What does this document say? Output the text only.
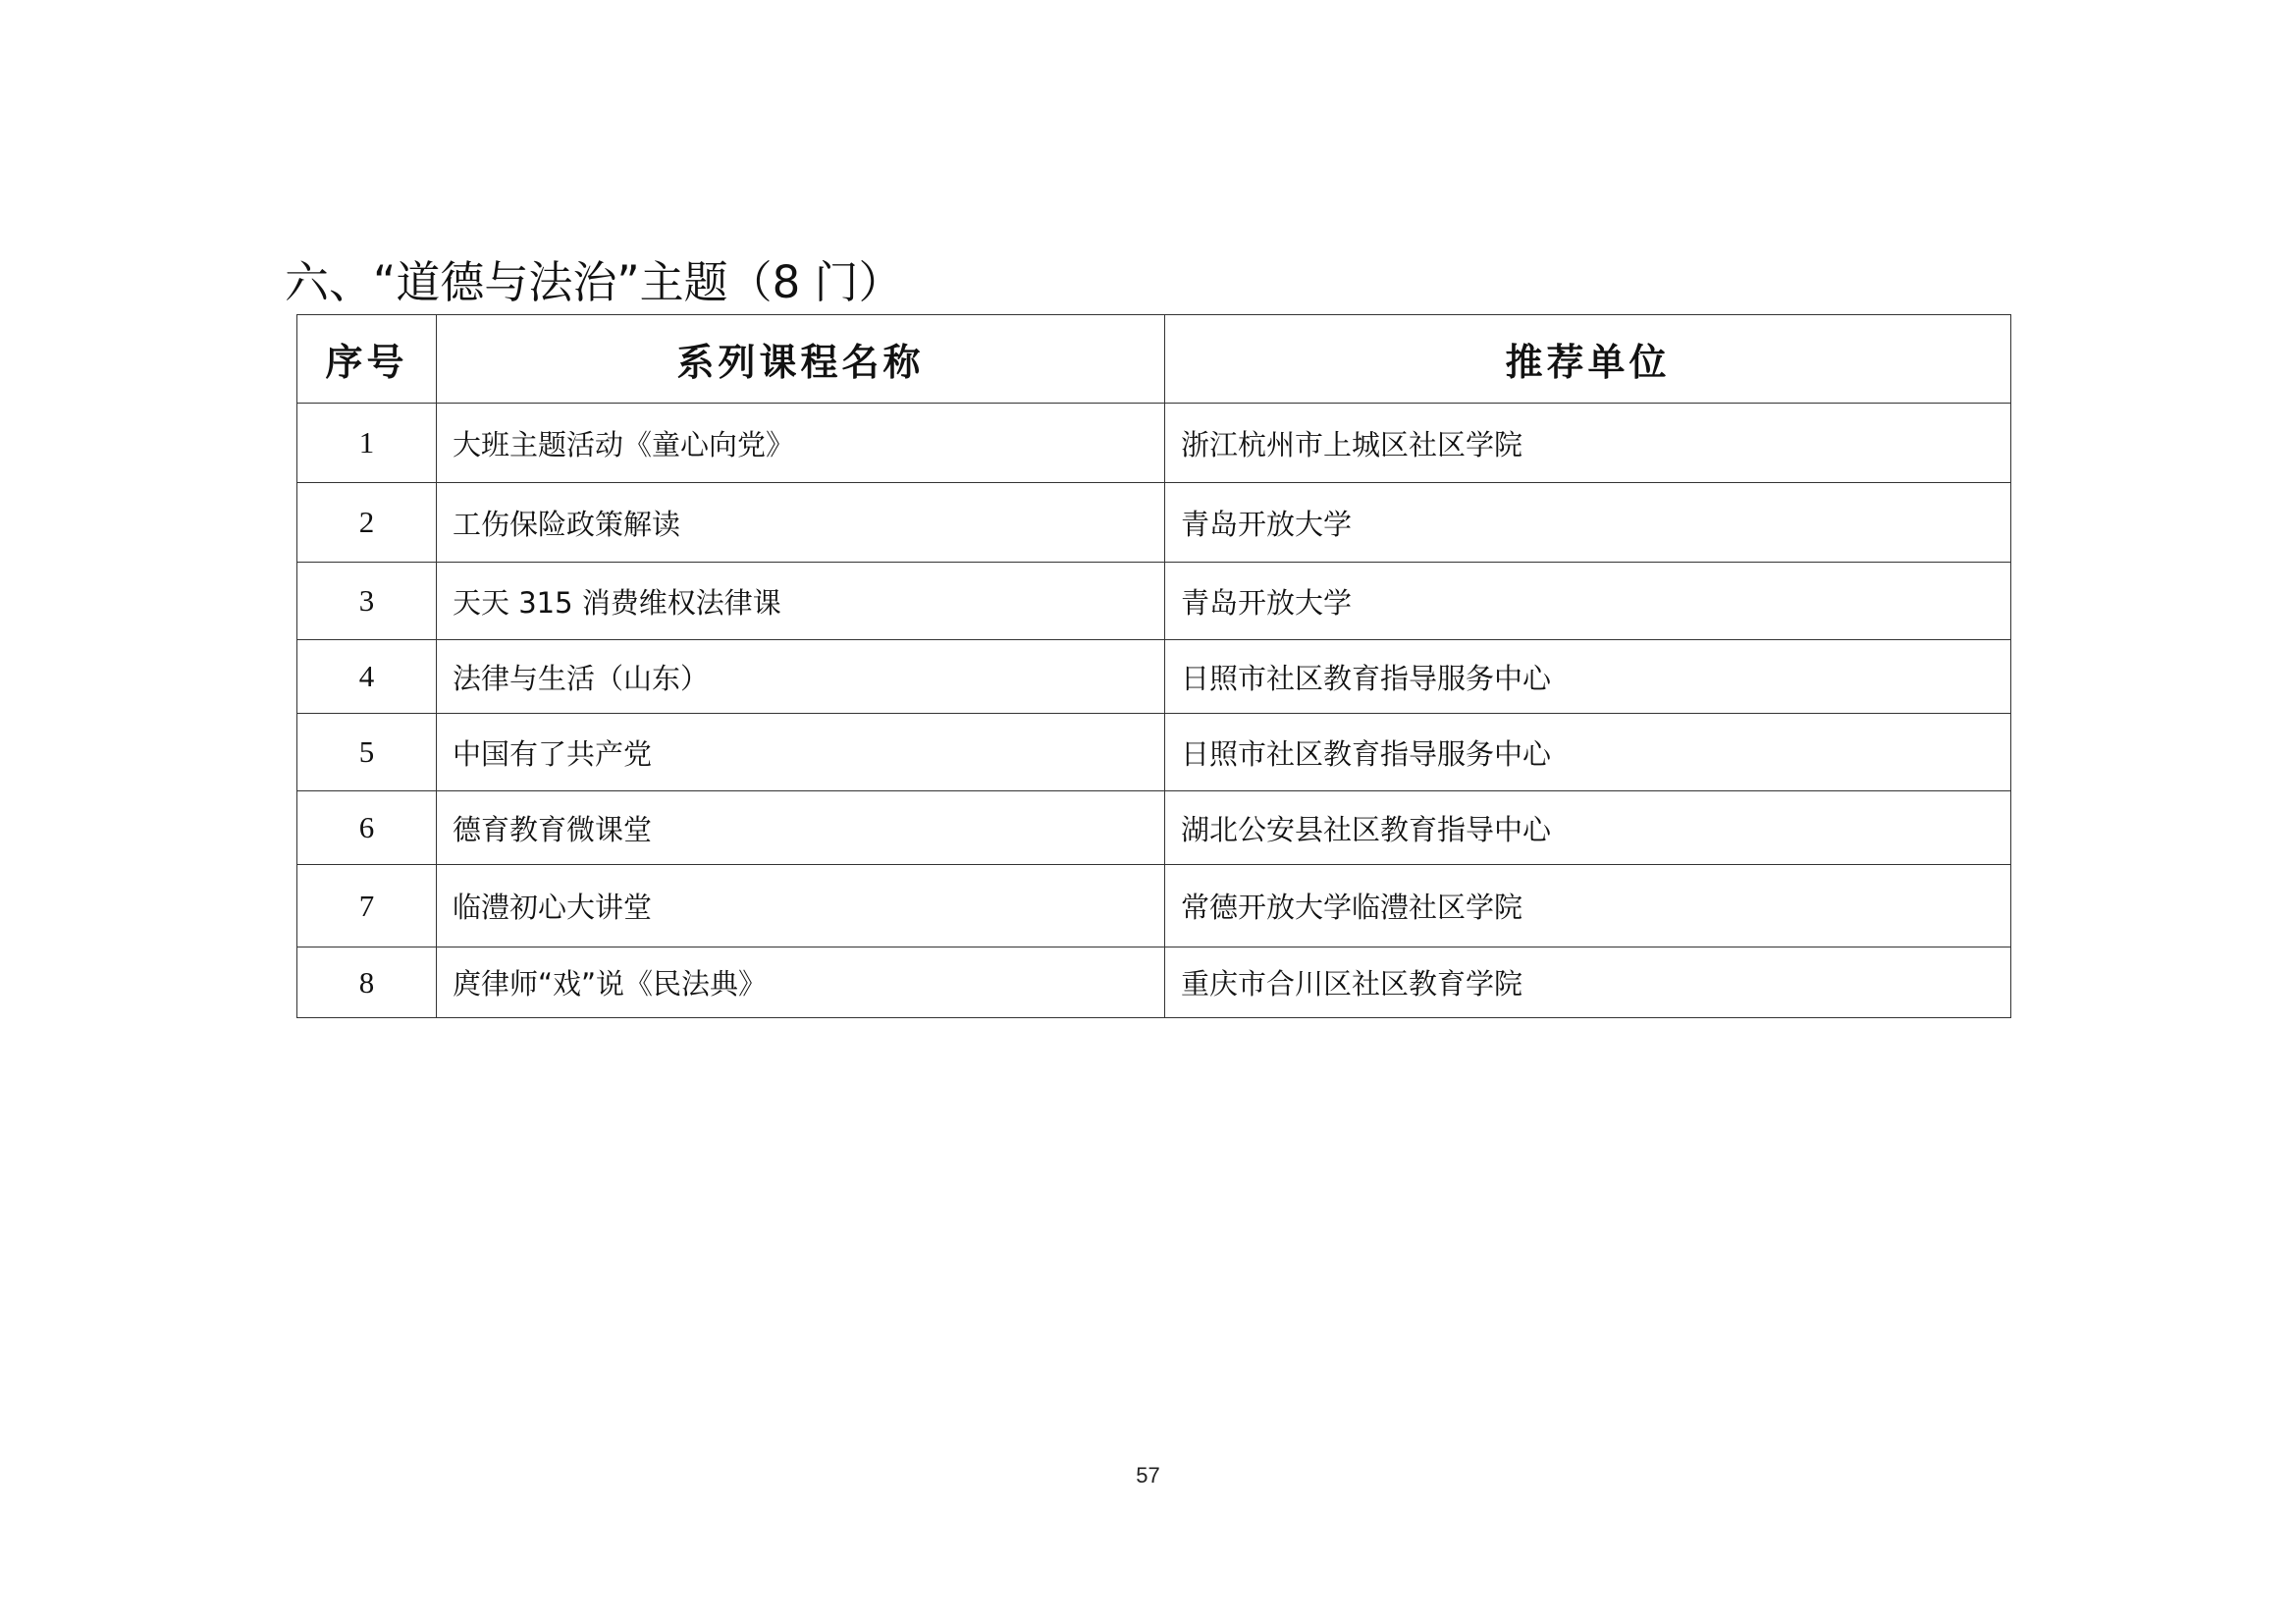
六、“道德与法治”主题（8 门）
序号	系列课程名称	推荐单位
1	大班主题活动《童心向党》	浙江杭州市上城区社区学院
2	工伤保险政策解读	青岛开放大学
3	天天 315 消费维权法律课	青岛开放大学
4	法律与生活（山东）	日照市社区教育指导服务中心
5	中国有了共产党	日照市社区教育指导服务中心
6	德育教育微课堂	湖北公安县社区教育指导中心
7	临澧初心大讲堂	常德开放大学临澧社区学院
8	庹律师“戏”说《民法典》	重庆市合川区社区教育学院
57
